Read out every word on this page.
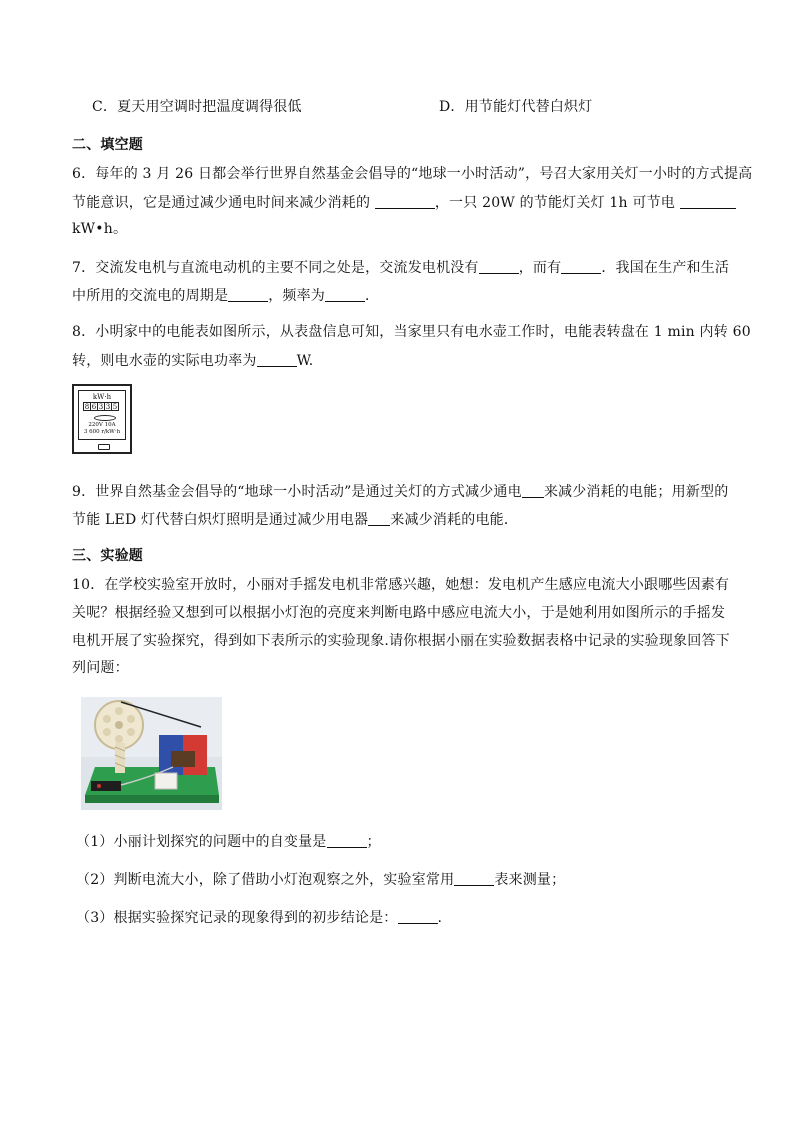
C．夏天用空调时把温度调得很低	D．用节能灯代替白炽灯
二、填空题
6．每年的 3 月 26 日都会举行世界自然基金会倡导的“地球一小时活动”，号召大家用关灯一小时的方式提高
节能意识，它是通过减少通电时间来减少消耗的	，一只 20W 的节能灯关灯 1h 可节电
kW•h。
7．交流发电机与直流电动机的主要不同之处是，交流发电机没有	，而有	．我国在生产和生活
中所用的交流电的周期是	，频率为	．
8．小明家中的电能表如图所示，从表盘信息可知，当家里只有电水壶工作时，电能表转盘在 1 min 内转 60
转，则电水壶的实际电功率为	W.
kW·h
8 6 3 3 5
220V 10A
3 600 r/kW·h
9．世界自然基金会倡导的“地球一小时活动”是通过关灯的方式减少通电 来减少消耗的电能；用新型的
节能 LED 灯代替白炽灯照明是通过减少用电器 来减少消耗的电能．
三、实验题
10．在学校实验室开放时，小丽对手摇发电机非常感兴趣，她想：发电机产生感应电流大小跟哪些因素有
关呢？根据经验又想到可以根据小灯泡的亮度来判断电路中感应电流大小，于是她利用如图所示的手摇发
电机开展了实验探究，得到如下表所示的实验现象.请你根据小丽在实验数据表格中记录的实验现象回答下
列问题：
（1）小丽计划探究的问题中的自变量是	；
（2）判断电流大小，除了借助小灯泡观察之外，实验室常用	表来测量；
（3）根据实验探究记录的现象得到的初步结论是：	.
